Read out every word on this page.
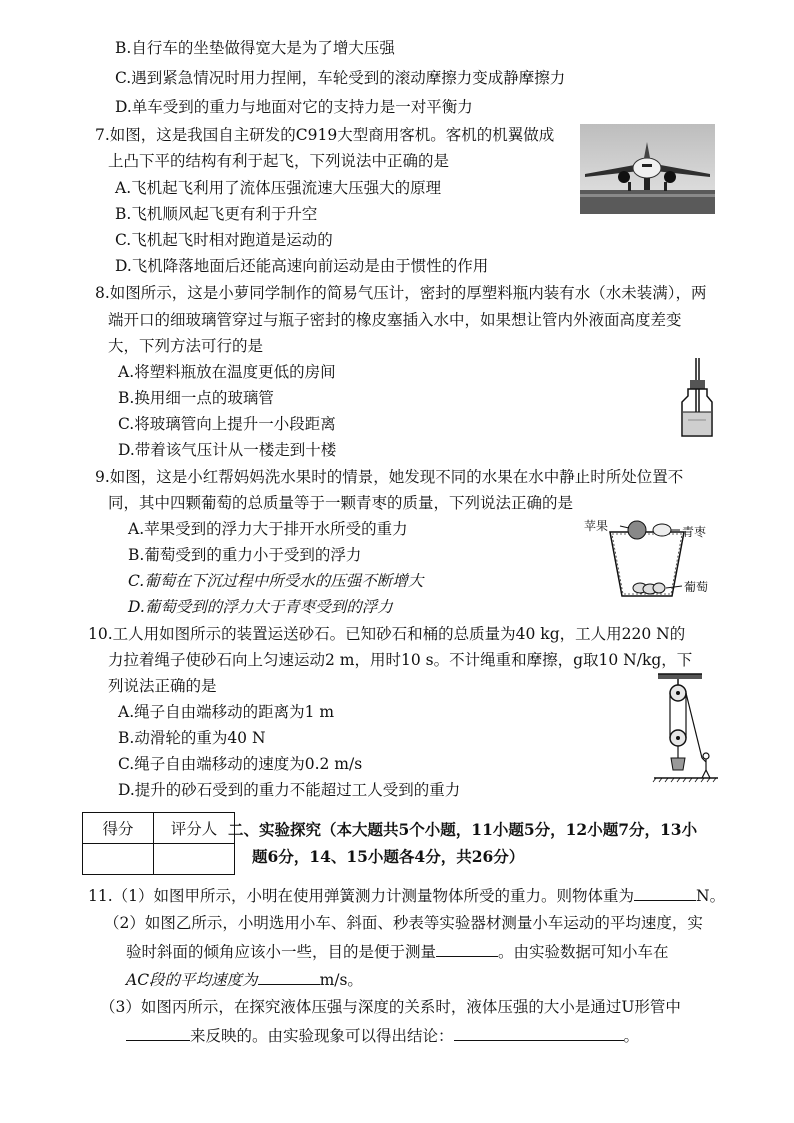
B.自行车的坐垫做得宽大是为了增大压强
C.遇到紧急情况时用力捏闸，车轮受到的滚动摩擦力变成静摩擦力
D.单车受到的重力与地面对它的支持力是一对平衡力
7.如图，这是我国自主研发的C919大型商用客机。客机的机翼做成
上凸下平的结构有利于起飞，下列说法中正确的是
A.飞机起飞利用了流体压强流速大压强大的原理
B.飞机顺风起飞更有利于升空
C.飞机起飞时相对跑道是运动的
D.飞机降落地面后还能高速向前运动是由于惯性的作用
8.如图所示，这是小萝同学制作的简易气压计，密封的厚塑料瓶内装有水（水未装满），两
端开口的细玻璃管穿过与瓶子密封的橡皮塞插入水中，如果想让管内外液面高度差变
大，下列方法可行的是
A.将塑料瓶放在温度更低的房间
B.换用细一点的玻璃管
C.将玻璃管向上提升一小段距离
D.带着该气压计从一楼走到十楼
9.如图，这是小红帮妈妈洗水果时的情景，她发现不同的水果在水中静止时所处位置不
同，其中四颗葡萄的总质量等于一颗青枣的质量，下列说法正确的是
A.苹果受到的浮力大于排开水所受的重力
B.葡萄受到的重力小于受到的浮力
C.葡萄在下沉过程中所受水的压强不断增大
D.葡萄受到的浮力大于青枣受到的浮力
苹果	青枣
葡萄
10.工人用如图所示的装置运送砂石。已知砂石和桶的总质量为40 kg，工人用220 N的
力拉着绳子使砂石向上匀速运动2 m，用时10 s。不计绳重和摩擦，g取10 N/kg，下
列说法正确的是
A.绳子自由端移动的距离为1 m
B.动滑轮的重为40 N
C.绳子自由端移动的速度为0.2 m/s
D.提升的砂石受到的重力不能超过工人受到的重力
得分	评分人
	二、实验探究（本大题共5个小题，11小题5分，12小题7分，13小
题6分，14、15小题各4分，共26分）
11.（1）如图甲所示，小明在使用弹簧测力计测量物体所受的重力。则物体重为	N。
（2）如图乙所示，小明选用小车、斜面、秒表等实验器材测量小车运动的平均速度，实
验时斜面的倾角应该小一些，目的是便于测量	。由实验数据可知小车在
AC段的平均速度为	m/s。
（3）如图丙所示，在探究液体压强与深度的关系时，液体压强的大小是通过U形管中
来反映的。由实验现象可以得出结论：	。
